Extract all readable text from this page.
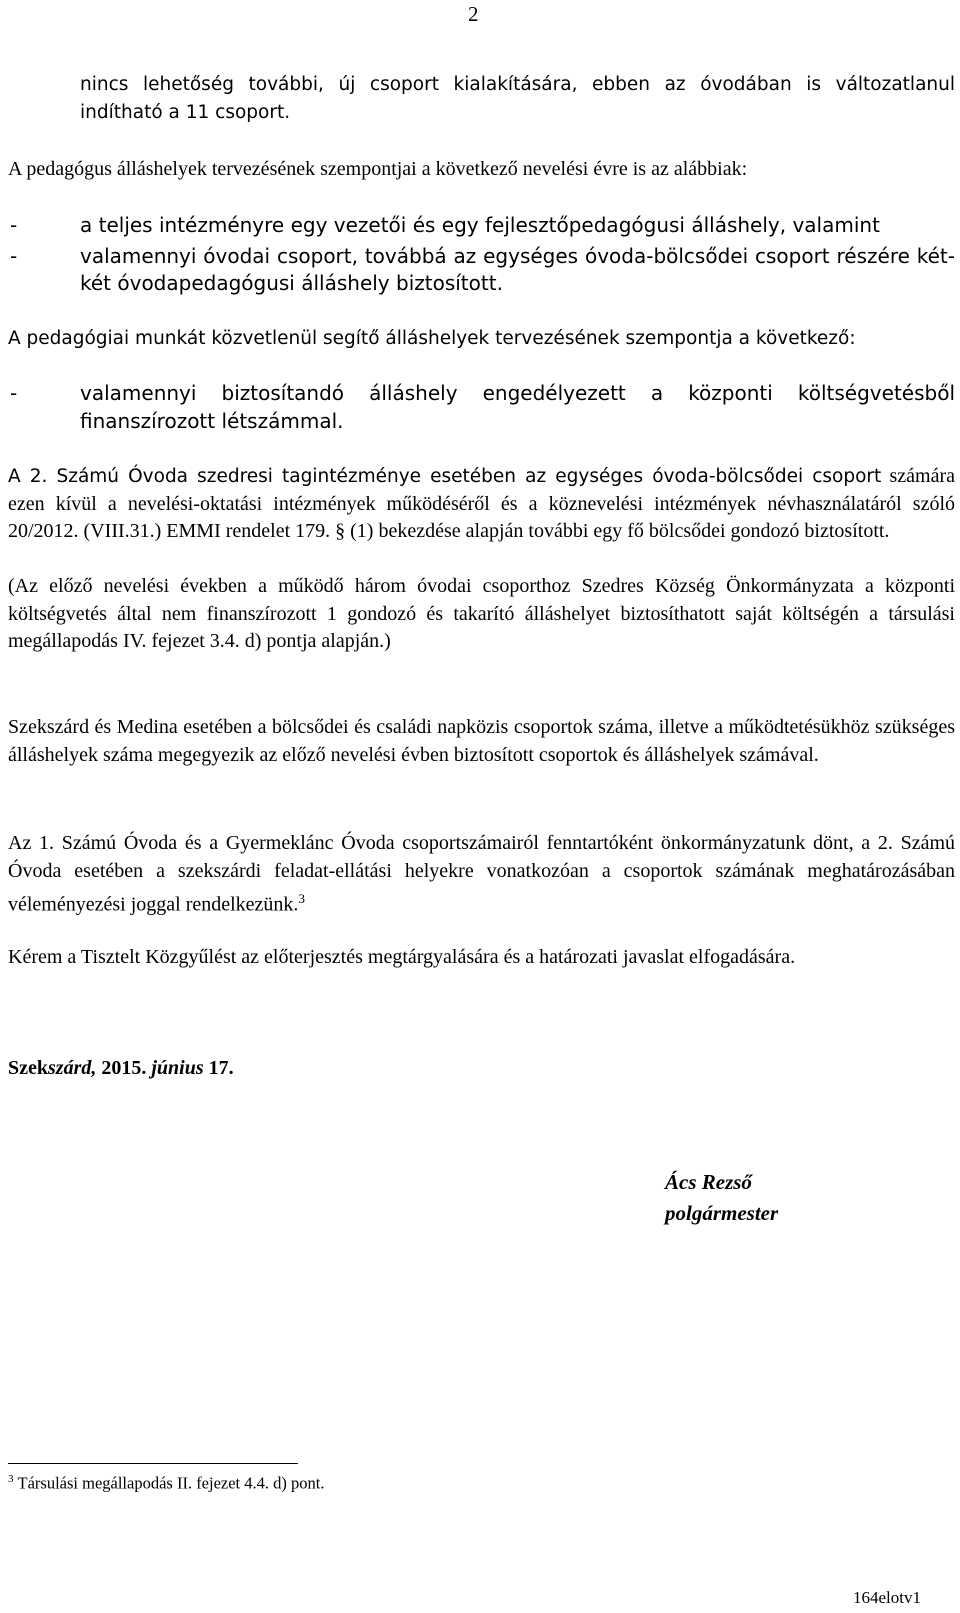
2
nincs lehetőség további, új csoport kialakítására, ebben az óvodában is változatlanul indítható a 11 csoport.
A pedagógus álláshelyek tervezésének szempontjai a következő nevelési évre is az alábbiak:
-	a teljes intézményre egy vezetői és egy fejlesztőpedagógusi álláshely, valamint
-	valamennyi óvodai csoport, továbbá az egységes óvoda-bölcsődei csoport részére két-két óvodapedagógusi álláshely biztosított.
A pedagógiai munkát közvetlenül segítő álláshelyek tervezésének szempontja a következő:
-	valamennyi biztosítandó álláshely engedélyezett a központi költségvetésből finanszírozott létszámmal.
A 2. Számú Óvoda szedresi tagintézménye esetében az egységes óvoda-bölcsődei csoport számára ezen kívül a nevelési-oktatási intézmények működéséről és a köznevelési intézmények névhasználatáról szóló 20/2012. (VIII.31.) EMMI rendelet 179. § (1) bekezdése alapján további egy fő bölcsődei gondozó biztosított.
(Az előző nevelési években a működő három óvodai csoporthoz Szedres Község Önkormányzata a központi költségvetés által nem finanszírozott 1 gondozó és takarító álláshelyet biztosíthatott saját költségén a társulási megállapodás IV. fejezet 3.4. d) pontja alapján.)
Szekszárd és Medina esetében a bölcsődei és családi napközis csoportok száma, illetve a működtetésükhöz szükséges álláshelyek száma megegyezik az előző nevelési évben biztosított csoportok és álláshelyek számával.
Az 1. Számú Óvoda és a Gyermeklánc Óvoda csoportszámairól fenntartóként önkormányzatunk dönt, a 2. Számú Óvoda esetében a szekszárdi feladat-ellátási helyekre vonatkozóan a csoportok számának meghatározásában véleményezési joggal rendelkezünk.$^3$
Kérem a Tisztelt Közgyűlést az előterjesztés megtárgyalására és a határozati javaslat elfogadására.
Szekszárd, 2015. június 17.
Ács Rezső
polgármester
$^3$ Társulási megállapodás II. fejezet 4.4. d) pont.
164elotv1
